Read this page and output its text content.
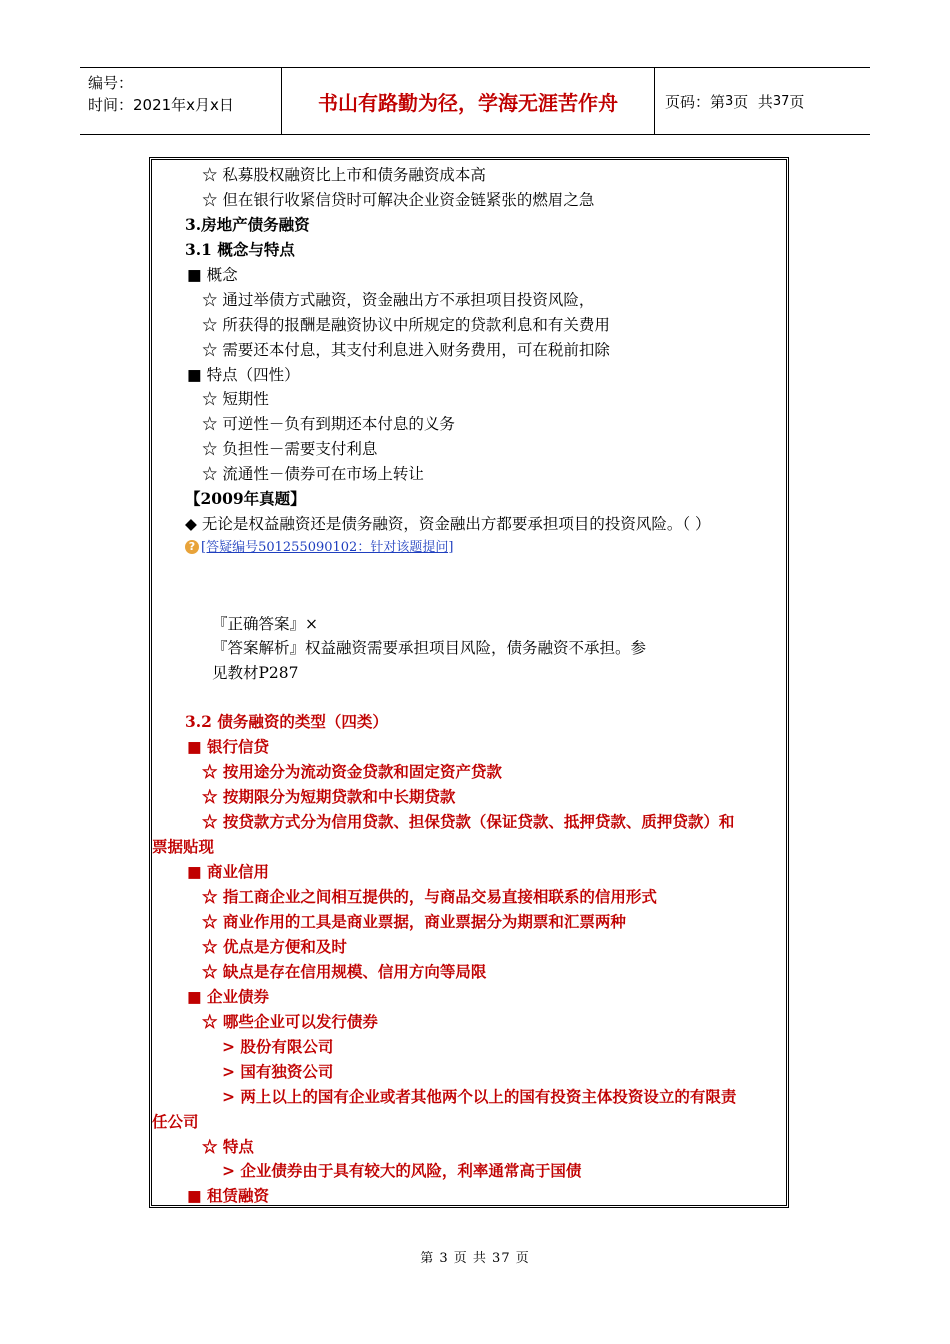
编号：
时间：2021年x月x日	书山有路勤为径，学海无涯苦作舟	页码：第 3 页  共 37 页
☆ 私募股权融资比上市和债务融资成本高
☆ 但在银行收紧信贷时可解决企业资金链紧张的燃眉之急
3.房地产债务融资
3.1 概念与特点
■ 概念
☆ 通过举债方式融资，资金融出方不承担项目投资风险，
☆ 所获得的报酬是融资协议中所规定的贷款利息和有关费用
☆ 需要还本付息，其支付利息进入财务费用，可在税前扣除
■ 特点（四性）
☆ 短期性
☆ 可逆性－负有到期还本付息的义务
☆ 负担性－需要支付利息
☆ 流通性－债券可在市场上转让
【2009年真题】
◆ 无论是权益融资还是债务融资，资金融出方都要承担项目的投资风险。（ ）
? [答疑编号501255090102：针对该题提问]
『正确答案』×
『答案解析』权益融资需要承担项目风险，债务融资不承担。参
见教材P287
3.2 债务融资的类型（四类）
■ 银行信贷
☆ 按用途分为流动资金贷款和固定资产贷款
☆ 按期限分为短期贷款和中长期贷款
☆ 按贷款方式分为信用贷款、担保贷款（保证贷款、抵押贷款、质押贷款）和
票据贴现
■ 商业信用
☆ 指工商企业之间相互提供的，与商品交易直接相联系的信用形式
☆ 商业作用的工具是商业票据，商业票据分为期票和汇票两种
☆ 优点是方便和及时
☆ 缺点是存在信用规模、信用方向等局限
■ 企业债券
☆ 哪些企业可以发行债券
> 股份有限公司
> 国有独资公司
> 两上以上的国有企业或者其他两个以上的国有投资主体投资设立的有限责
任公司
☆ 特点
> 企业债券由于具有较大的风险，利率通常高于国债
■ 租赁融资
第 3 页 共 37 页
